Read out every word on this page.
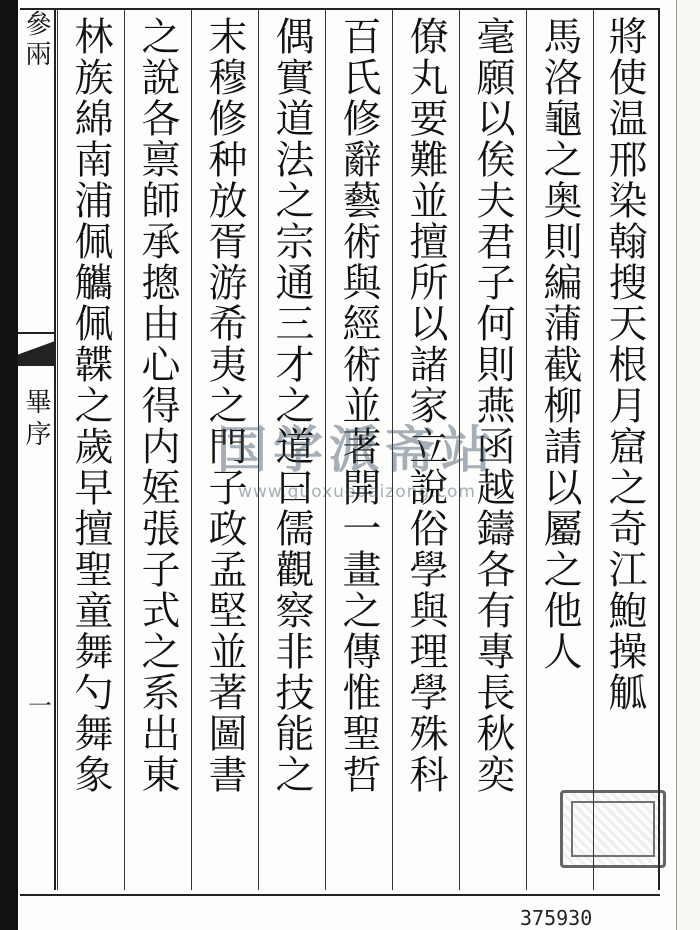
參兩
畢序
一	將使温邢染翰搜天根月窟之奇江鮑操觚
馬洛龜之奥則編蒲截柳請以屬之他人
毫願以俟夫君子何則燕函越鑄各有專長秋奕
僚丸要難並擅所以諸家立說俗學與理學殊科
百氏修辭藝術與經術並著開一畫之傳惟聖哲
偶實道法之宗通三才之道曰儒觀察非技能之
末穆修种放胥游希夷之門子政孟堅並著圖書
之說各禀師承摠由心得内姪張子式之系出東
林族綿南浦佩觿佩韘之歲早擅聖童舞勺舞象 国学派斋站
www.guoxuedaizong.com
375930
